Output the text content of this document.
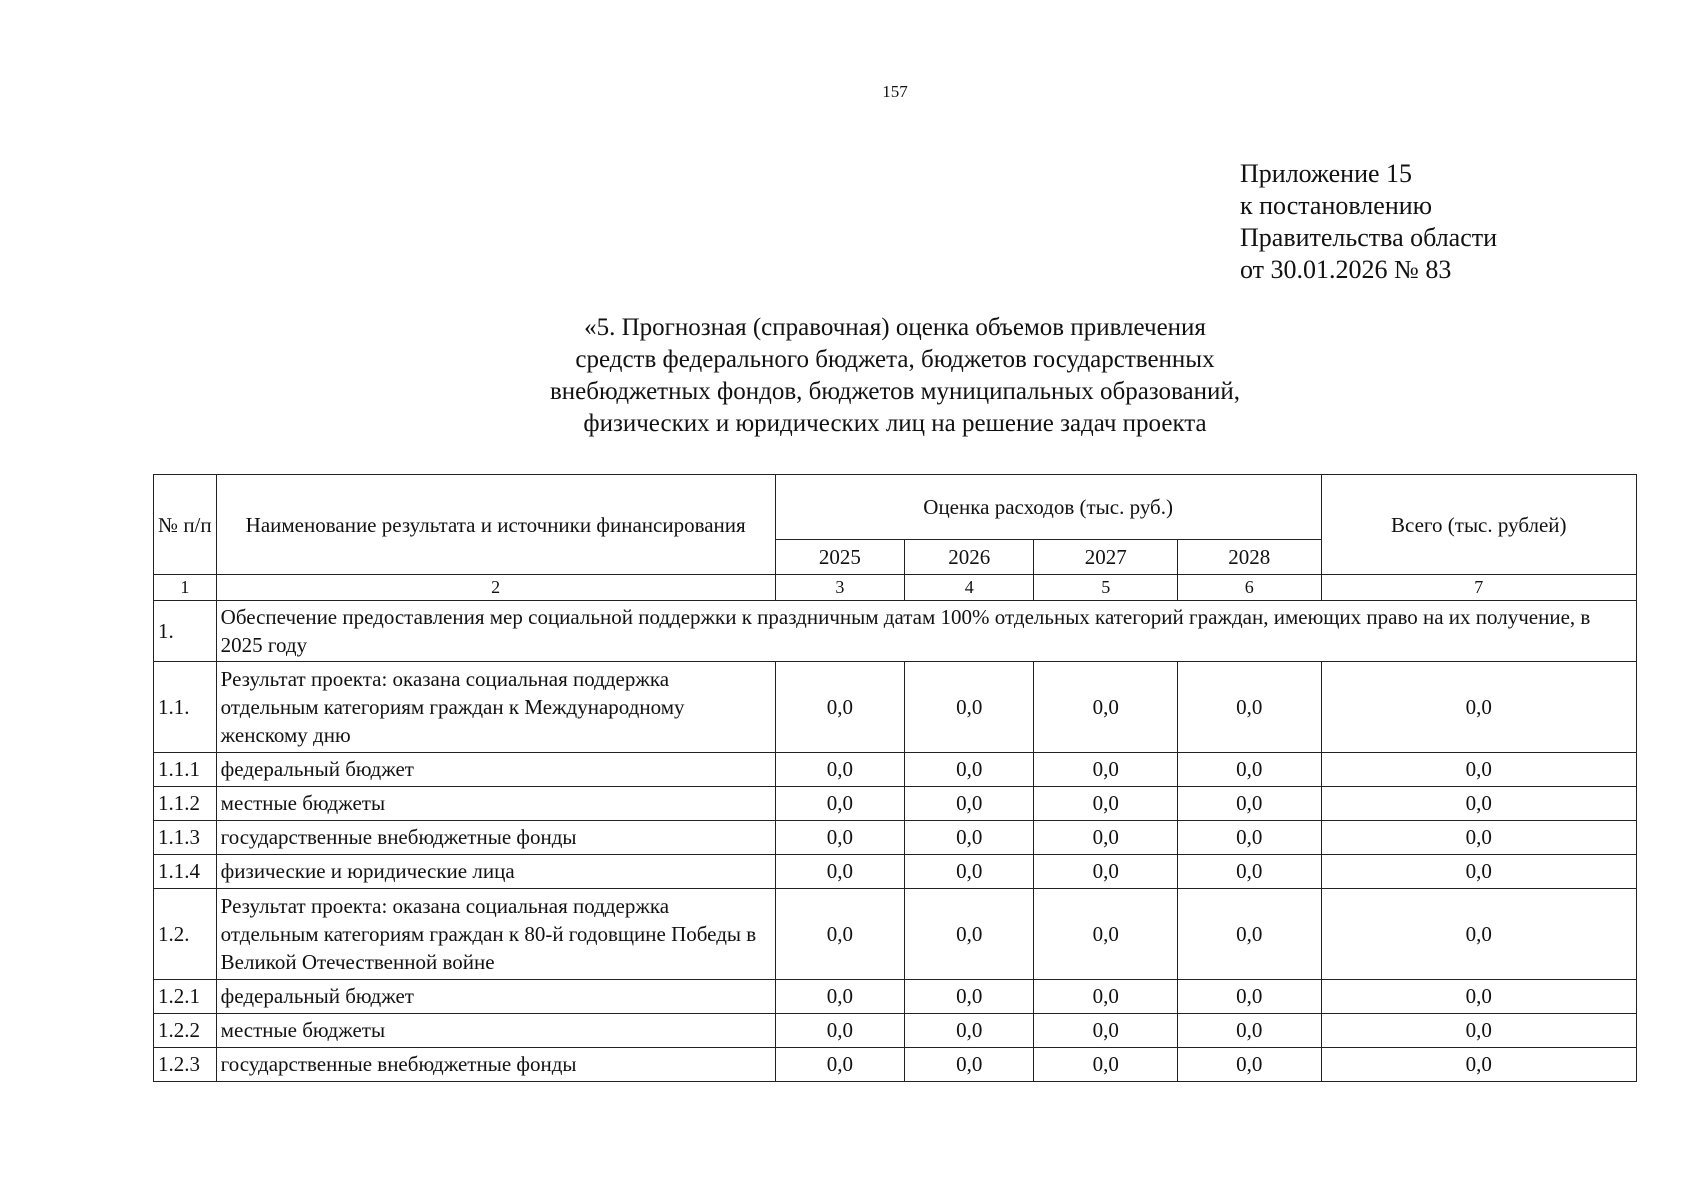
157
Приложение 15
к постановлению
Правительства области
от 30.01.2026 № 83
«5. Прогнозная (справочная) оценка объемов привлечения
средств федерального бюджета, бюджетов государственных
внебюджетных фондов, бюджетов муниципальных образований,
физических и юридических лиц на решение задач проекта
№ п/п	Наименование результата и источники финансирования	Оценка расходов (тыс. руб.)				Всего (тыс. рублей)
		2025	2026	2027	2028	
1	2	3	4	5	6	7
1.	Обеспечение предоставления мер социальной поддержки к праздничным датам 100% отдельных категорий граждан, имеющих право на их получение, в 2025 году					
1.1.	Результат проекта: оказана социальная поддержка отдельным категориям граждан к Международному женскому дню	0,0	0,0	0,0	0,0	0,0
1.1.1	федеральный бюджет	0,0	0,0	0,0	0,0	0,0
1.1.2	местные бюджеты	0,0	0,0	0,0	0,0	0,0
1.1.3	государственные внебюджетные фонды	0,0	0,0	0,0	0,0	0,0
1.1.4	физические и юридические лица	0,0	0,0	0,0	0,0	0,0
1.2.	Результат проекта: оказана социальная поддержка отдельным категориям граждан к 80-й годовщине Победы в Великой Отечественной войне	0,0	0,0	0,0	0,0	0,0
1.2.1	федеральный бюджет	0,0	0,0	0,0	0,0	0,0
1.2.2	местные бюджеты	0,0	0,0	0,0	0,0	0,0
1.2.3	государственные внебюджетные фонды	0,0	0,0	0,0	0,0	0,0
